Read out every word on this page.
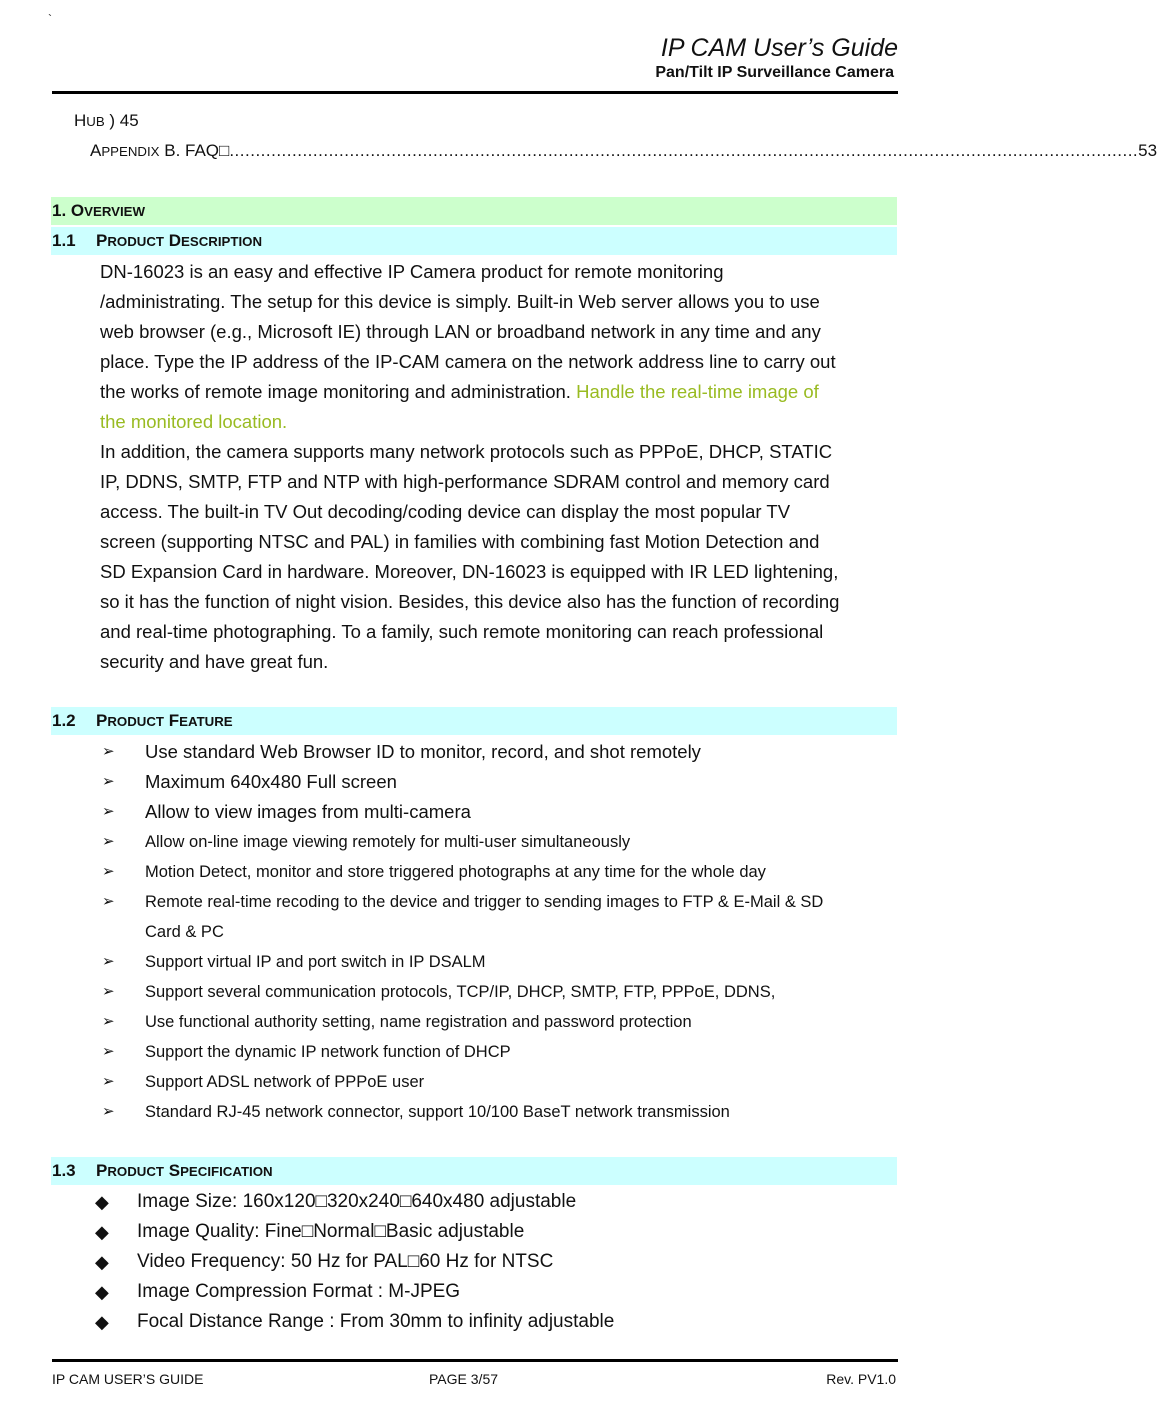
`
IP CAM User’s Guide
Pan/Tilt IP Surveillance Camera
HUB ) 45
APPENDIX B. FAQ□ .............................................................................................................................................................................. 53
1. OVERVIEW
1.1 PRODUCT DESCRIPTION
DN-16023 is an easy and effective IP Camera product for remote monitoring
/administrating. The setup for this device is simply. Built-in Web server allows you to use
web browser (e.g., Microsoft IE) through LAN or broadband network in any time and any
place. Type the IP address of the IP-CAM camera on the network address line to carry out
the works of remote image monitoring and administration. Handle the real-time image of
the monitored location.
In addition, the camera supports many network protocols such as PPPoE, DHCP, STATIC
IP, DDNS, SMTP, FTP and NTP with high-performance SDRAM control and memory card
access. The built-in TV Out decoding/coding device can display the most popular TV
screen (supporting NTSC and PAL) in families with combining fast Motion Detection and
SD Expansion Card in hardware. Moreover, DN-16023 is equipped with IR LED lightening,
so it has the function of night vision. Besides, this device also has the function of recording
and real-time photographing. To a family, such remote monitoring can reach professional
security and have great fun.
1.2 PRODUCT FEATURE
➢ Use standard Web Browser ID to monitor, record, and shot remotely
➢ Maximum 640x480 Full screen
➢ Allow to view images from multi-camera
➢ Allow on-line image viewing remotely for multi-user simultaneously
➢ Motion Detect, monitor and store triggered photographs at any time for the whole day
➢ Remote real-time recoding to the device and trigger to sending images to FTP & E-Mail & SD
Card & PC
➢ Support virtual IP and port switch in IP DSALM
➢ Support several communication protocols, TCP/IP, DHCP, SMTP, FTP, PPPoE, DDNS,
➢ Use functional authority setting, name registration and password protection
➢ Support the dynamic IP network function of DHCP
➢ Support ADSL network of PPPoE user
➢ Standard RJ-45 network connector, support 10/100 BaseT network transmission
1.3 PRODUCT SPECIFICATION
◆ Image Size: 160x120□320x240□640x480 adjustable
◆ Image Quality: Fine□Normal□Basic adjustable
◆ Video Frequency: 50 Hz for PAL□60 Hz for NTSC
◆ Image Compression Format : M-JPEG
◆ Focal Distance Range : From 30mm to infinity adjustable
IP CAM USER’S GUIDE	PAGE 3/57	Rev. PV1.0
